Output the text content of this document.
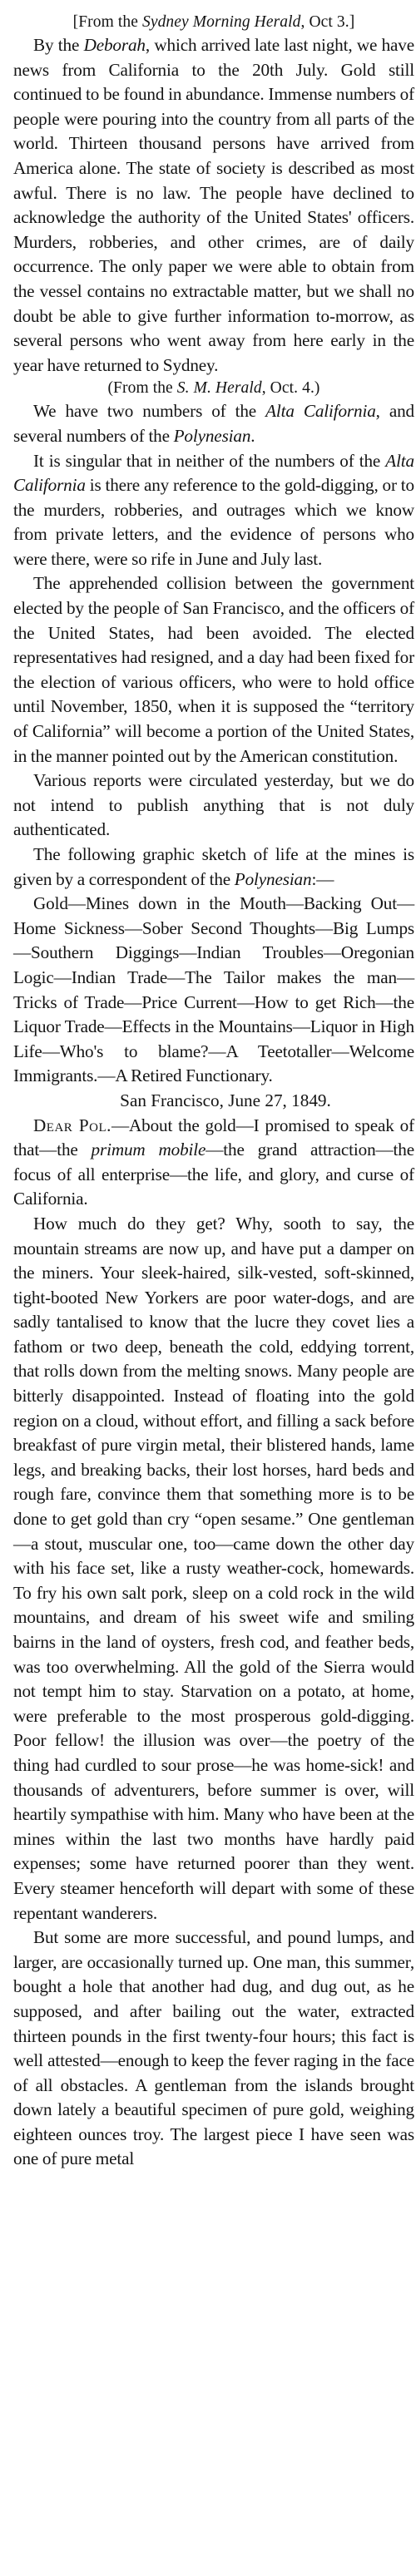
[From the Sydney Morning Herald, Oct 3.]

By the Deborah, which arrived late last night, we have news from California to the 20th July. Gold still continued to be found in abundance. Immense numbers of people were pouring into the country from all parts of the world. Thirteen thousand persons have arrived from America alone. The state of society is described as most awful. There is no law. The people have declined to acknowledge the authority of the United States' officers. Murders, robberies, and other crimes, are of daily occurrence. The only paper we were able to obtain from the vessel contains no extractable matter, but we shall no doubt be able to give further information to-morrow, as several persons who went away from here early in the year have returned to Sydney.

(From the S. M. Herald, Oct. 4.)

We have two numbers of the Alta California, and several numbers of the Polynesian.

It is singular that in neither of the numbers of the Alta California is there any reference to the gold-digging, or to the murders, robberies, and outrages which we know from private letters, and the evidence of persons who were there, were so rife in June and July last.

The apprehended collision between the government elected by the people of San Francisco, and the officers of the United States, had been avoided. The elected representatives had resigned, and a day had been fixed for the election of various officers, who were to hold office until November, 1850, when it is supposed the “territory of California” will become a portion of the United States, in the manner pointed out by the American constitution.

Various reports were circulated yesterday, but we do not intend to publish anything that is not duly authenticated.

The following graphic sketch of life at the mines is given by a correspondent of the Polynesian:—

Gold—Mines down in the Mouth—Backing Out—Home Sickness—Sober Second Thoughts—Big Lumps—Southern Diggings—Indian Troubles—Oregonian Logic—Indian Trade—The Tailor makes the man—Tricks of Trade—Price Current—How to get Rich—the Liquor Trade—Effects in the Mountains—Liquor in High Life—Who's to blame?—A Teetotaller—Welcome Immigrants.—A Retired Functionary.

San Francisco, June 27, 1849.

Dear Pol.—About the gold—I promised to speak of that—the primum mobile—the grand attraction—the focus of all enterprise—the life, and glory, and curse of California.

How much do they get? Why, sooth to say, the mountain streams are now up, and have put a damper on the miners. Your sleek-haired, silk-vested, soft-skinned, tight-booted New Yorkers are poor water-dogs, and are sadly tantalised to know that the lucre they covet lies a fathom or two deep, beneath the cold, eddying torrent, that rolls down from the melting snows. Many people are bitterly disappointed. Instead of floating into the gold region on a cloud, without effort, and filling a sack before breakfast of pure virgin metal, their blistered hands, lame legs, and breaking backs, their lost horses, hard beds and rough fare, convince them that something more is to be done to get gold than cry “open sesame.” One gentleman—a stout, muscular one, too—came down the other day with his face set, like a rusty weather-cock, homewards. To fry his own salt pork, sleep on a cold rock in the wild mountains, and dream of his sweet wife and smiling bairns in the land of oysters, fresh cod, and feather beds, was too overwhelming. All the gold of the Sierra would not tempt him to stay. Starvation on a potato, at home, were preferable to the most prosperous gold-digging. Poor fellow! the illusion was over—the poetry of the thing had curdled to sour prose—he was home-sick! and thousands of adventurers, before summer is over, will heartily sympathise with him. Many who have been at the mines within the last two months have hardly paid expenses; some have returned poorer than they went. Every steamer henceforth will depart with some of these repentant wanderers.

But some are more successful, and pound lumps, and larger, are occasionally turned up. One man, this summer, bought a hole that another had dug, and dug out, as he supposed, and after bailing out the water, extracted thirteen pounds in the first twenty-four hours; this fact is well attested—enough to keep the fever raging in the face of all obstacles. A gentleman from the islands brought down lately a beautiful specimen of pure gold, weighing eighteen ounces troy. The largest piece I have seen was one of pure metal
